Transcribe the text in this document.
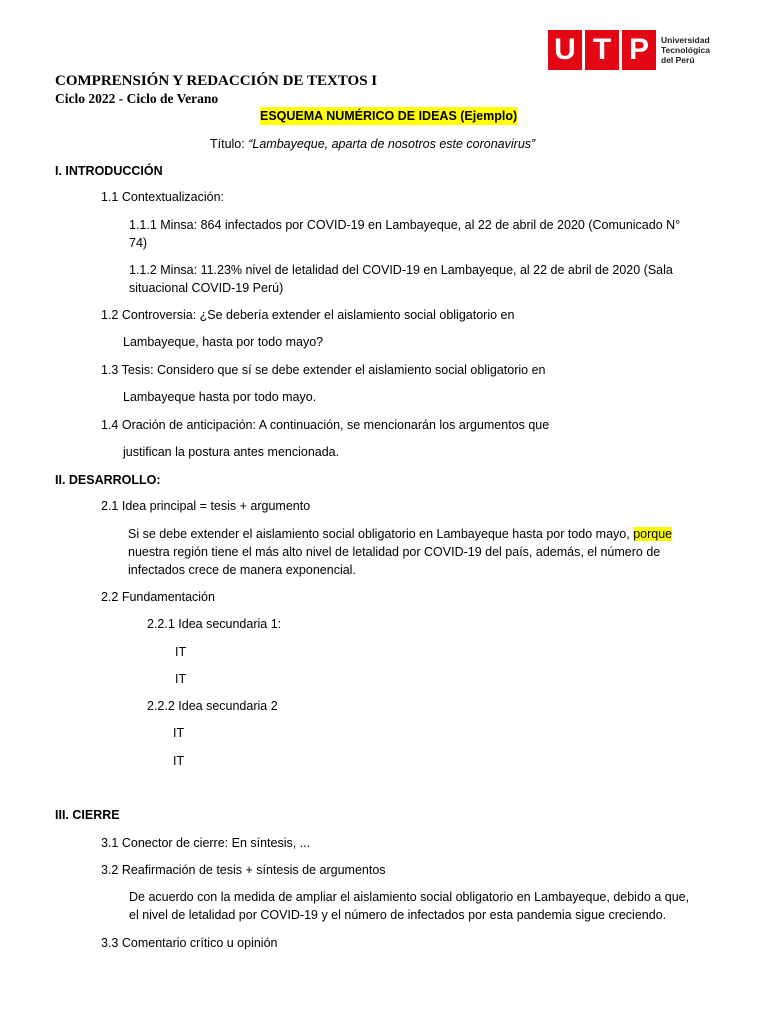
U T P	Universidad
Tecnológica
del Perú
COMPRENSIÓN Y REDACCIÓN DE TEXTOS I
Ciclo 2022 - Ciclo de Verano
ESQUEMA NUMÉRICO DE IDEAS (Ejemplo)
Título: “Lambayeque, aparta de nosotros este coronavirus”
I. INTRODUCCIÓN
1.1 Contextualización:
1.1.1 Minsa: 864 infectados por COVID-19 en Lambayeque, al 22 de abril de 2020 (Comunicado N°
74)
1.1.2 Minsa: 11.23% nivel de letalidad del COVID-19 en Lambayeque, al 22 de abril de 2020 (Sala
situacional COVID-19 Perú)
1.2 Controversia: ¿Se debería extender el aislamiento social obligatorio en
Lambayeque, hasta por todo mayo?
1.3 Tesis: Considero que sí se debe extender el aislamiento social obligatorio en
Lambayeque hasta por todo mayo.
1.4 Oración de anticipación: A continuación, se mencionarán los argumentos que
justifican la postura antes mencionada.
II. DESARROLLO:
2.1 Idea principal = tesis + argumento
Si se debe extender el aislamiento social obligatorio en Lambayeque hasta por todo mayo, porque
nuestra región tiene el más alto nivel de letalidad por COVID-19 del país, además, el número de
infectados crece de manera exponencial.
2.2 Fundamentación
2.2.1 Idea secundaria 1:
IT
IT
2.2.2 Idea secundaria 2
IT
IT
III. CIERRE
3.1 Conector de cierre: En síntesis, ...
3.2 Reafirmación de tesis + síntesis de argumentos
De acuerdo con la medida de ampliar el aislamiento social obligatorio en Lambayeque, debido a que,
el nivel de letalidad por COVID-19 y el número de infectados por esta pandemia sigue creciendo.
3.3 Comentario crítico u opinión
